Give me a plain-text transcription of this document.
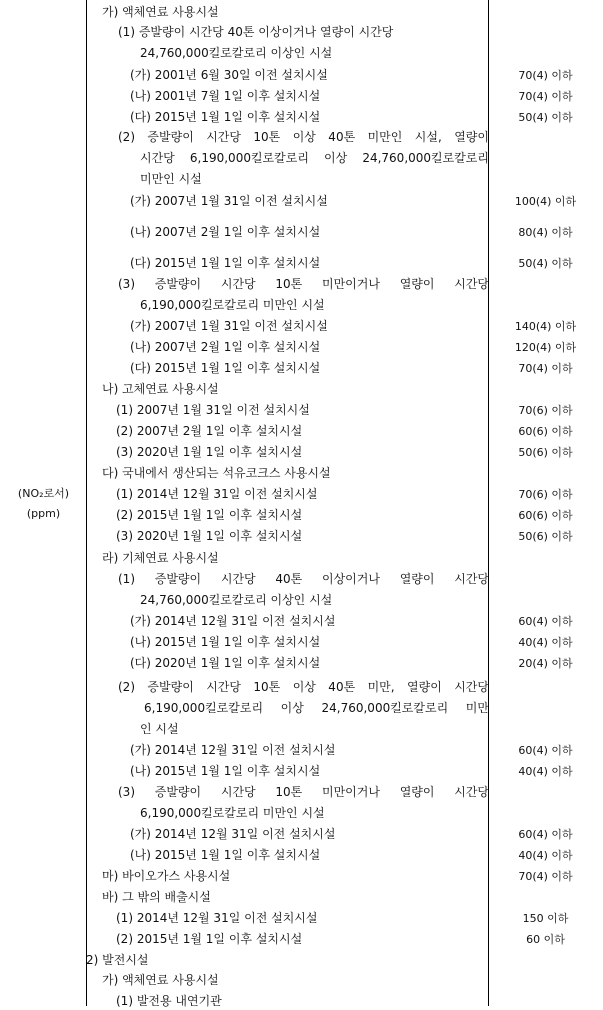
(NO₂로서)
(ppm)
가) 액체연료 사용시설
(1) 증발량이 시간당 40톤 이상이거나 열량이 시간당
24,760,000킬로칼로리 이상인 시설
(가) 2001년 6월 30일 이전 설치시설	70(4) 이하
(나) 2001년 7월 1일 이후 설치시설	70(4) 이하
(다) 2015년 1월 1일 이후 설치시설	50(4) 이하
(2) 증발량이 시간당 10톤 이상 40톤 미만인 시설, 열량이
시간당 6,190,000킬로칼로리 이상 24,760,000킬로칼로리
미만인 시설
(가) 2007년 1월 31일 이전 설치시설	100(4) 이하
(나) 2007년 2월 1일 이후 설치시설	80(4) 이하
(다) 2015년 1월 1일 이후 설치시설	50(4) 이하
(3) 증발량이 시간당 10톤 미만이거나 열량이 시간당
6,190,000킬로칼로리 미만인 시설
(가) 2007년 1월 31일 이전 설치시설	140(4) 이하
(나) 2007년 2월 1일 이후 설치시설	120(4) 이하
(다) 2015년 1월 1일 이후 설치시설	70(4) 이하
나) 고체연료 사용시설
(1) 2007년 1월 31일 이전 설치시설	70(6) 이하
(2) 2007년 2월 1일 이후 설치시설	60(6) 이하
(3) 2020년 1월 1일 이후 설치시설	50(6) 이하
다) 국내에서 생산되는 석유코크스 사용시설
(1) 2014년 12월 31일 이전 설치시설	70(6) 이하
(2) 2015년 1월 1일 이후 설치시설	60(6) 이하
(3) 2020년 1월 1일 이후 설치시설	50(6) 이하
라) 기체연료 사용시설
(1) 증발량이 시간당 40톤 이상이거나 열량이 시간당
24,760,000킬로칼로리 이상인 시설
(가) 2014년 12월 31일 이전 설치시설	60(4) 이하
(나) 2015년 1월 1일 이후 설치시설	40(4) 이하
(다) 2020년 1월 1일 이후 설치시설	20(4) 이하
(2) 증발량이 시간당 10톤 이상 40톤 미만, 열량이 시간당
6,190,000킬로칼로리 이상 24,760,000킬로칼로리 미만
인 시설
(가) 2014년 12월 31일 이전 설치시설	60(4) 이하
(나) 2015년 1월 1일 이후 설치시설	40(4) 이하
(3) 증발량이 시간당 10톤 미만이거나 열량이 시간당
6,190,000킬로칼로리 미만인 시설
(가) 2014년 12월 31일 이전 설치시설	60(4) 이하
(나) 2015년 1월 1일 이후 설치시설	40(4) 이하
마) 바이오가스 사용시설	70(4) 이하
바) 그 밖의 배출시설
(1) 2014년 12월 31일 이전 설치시설	150 이하
(2) 2015년 1월 1일 이후 설치시설	60 이하
2) 발전시설
가) 액체연료 사용시설
(1) 발전용 내연기관
